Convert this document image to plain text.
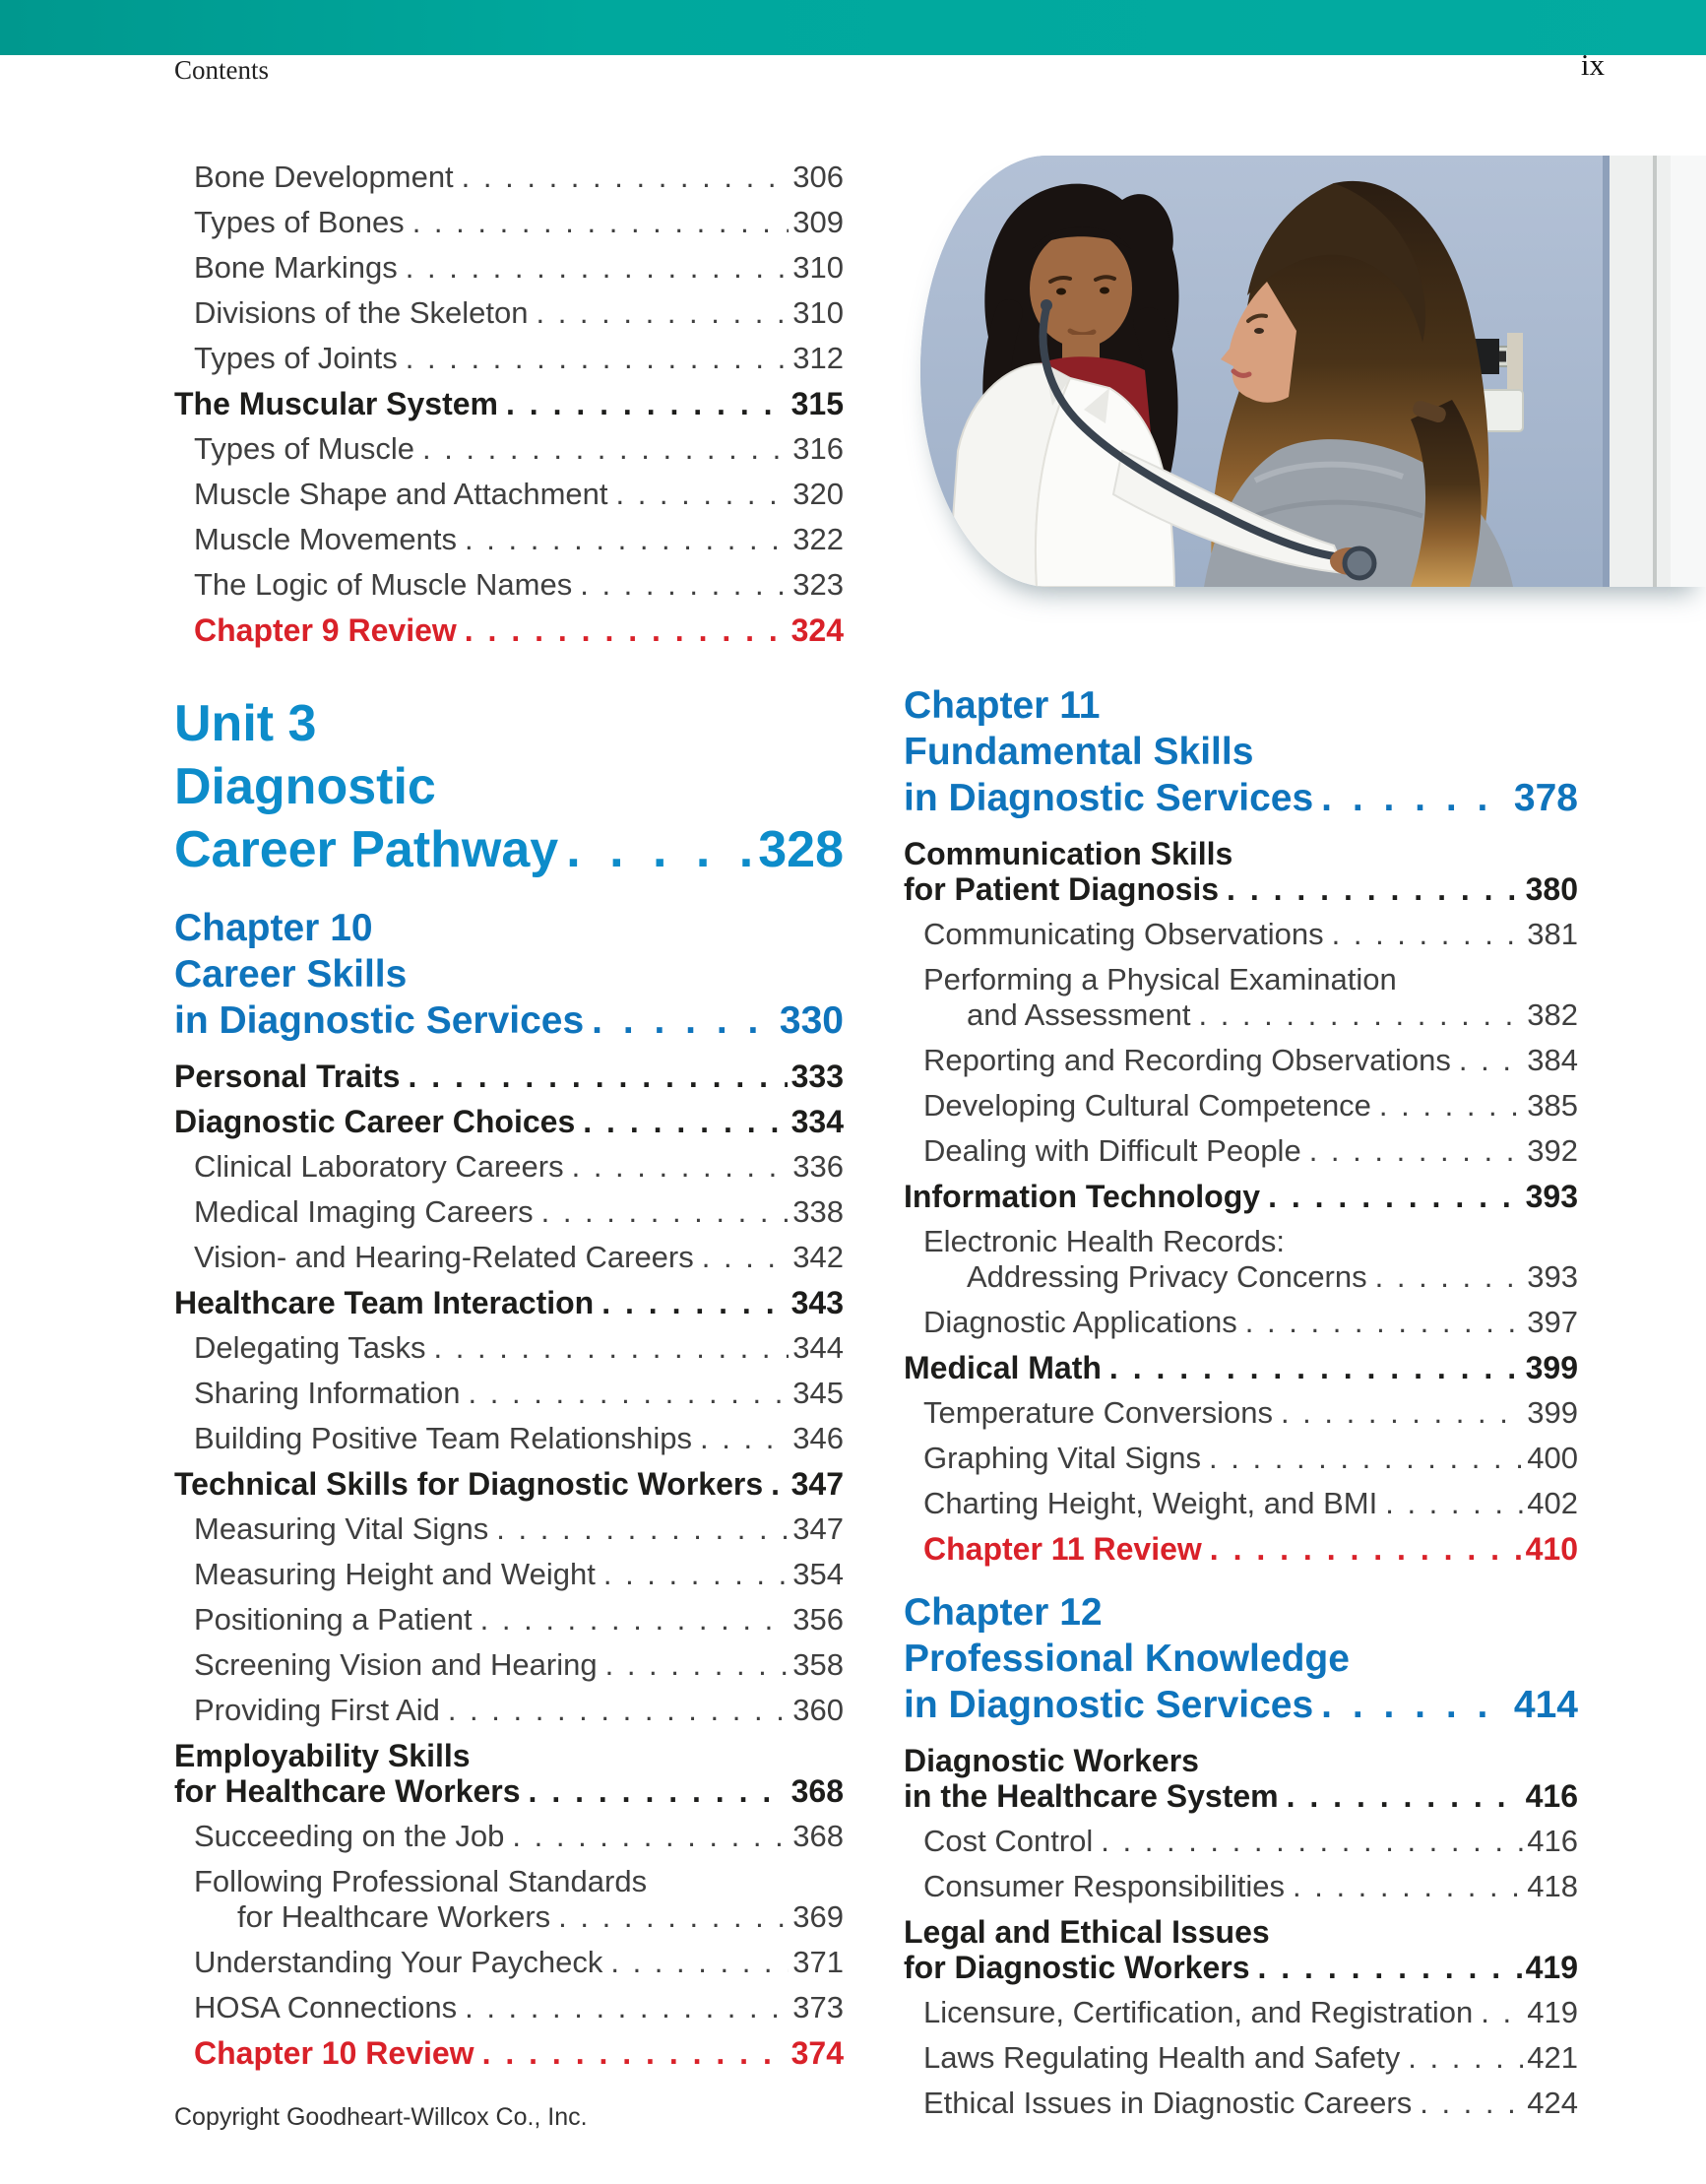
Contents	ix
Bone Development . . .	306
Types of Bones . . .	309
Bone Markings . . .	310
Divisions of the Skeleton . . .	310
Types of Joints . . .	312
The Muscular System . . .	315
Types of Muscle . . .	316
Muscle Shape and Attachment . . .	320
Muscle Movements . . .	322
The Logic of Muscle Names . . .	323
Chapter 9 Review . . .	324
Unit 3
Diagnostic
Career Pathway . . .	328
Chapter 10
Career Skills
in Diagnostic Services . . .	330
Personal Traits . . .	333
Diagnostic Career Choices . . .	334
Clinical Laboratory Careers . . .	336
Medical Imaging Careers . . .	338
Vision- and Hearing-Related Careers . . .	342
Healthcare Team Interaction . . .	343
Delegating Tasks . . .	344
Sharing Information . . .	345
Building Positive Team Relationships . . .	346
Technical Skills for Diagnostic Workers . . . 347
Measuring Vital Signs . . .	347
Measuring Height and Weight . . .	354
Positioning a Patient . . .	356
Screening Vision and Hearing . . .	358
Providing First Aid . . .	360
Employability Skills
for Healthcare Workers . . .	368
Succeeding on the Job . . .	368
Following Professional Standards
for Healthcare Workers . . .	369
Understanding Your Paycheck . . .	371
HOSA Connections . . .	373
Chapter 10 Review . . .	374
Chapter 11
Fundamental Skills
in Diagnostic Services . . .	378
Communication Skills
for Patient Diagnosis . . .	380
Communicating Observations . . .	381
Performing a Physical Examination
and Assessment . . .	382
Reporting and Recording Observations . . . 384
Developing Cultural Competence . . .	385
Dealing with Difficult People . . .	392
Information Technology . . .	393
Electronic Health Records:
Addressing Privacy Concerns . . .	393
Diagnostic Applications . . .	397
Medical Math . . .	399
Temperature Conversions . . .	399
Graphing Vital Signs . . .	400
Charting Height, Weight, and BMI . . .	402
Chapter 11 Review . . .	410
Chapter 12
Professional Knowledge
in Diagnostic Services . . .	414
Diagnostic Workers
in the Healthcare System . . .	416
Cost Control . . .	416
Consumer Responsibilities . . .	418
Legal and Ethical Issues
for Diagnostic Workers . . .	419
Licensure, Certification, and Registration . . . 419
Laws Regulating Health and Safety . . .	421
Ethical Issues in Diagnostic Careers . . .	424
Copyright Goodheart-Willcox Co., Inc.
